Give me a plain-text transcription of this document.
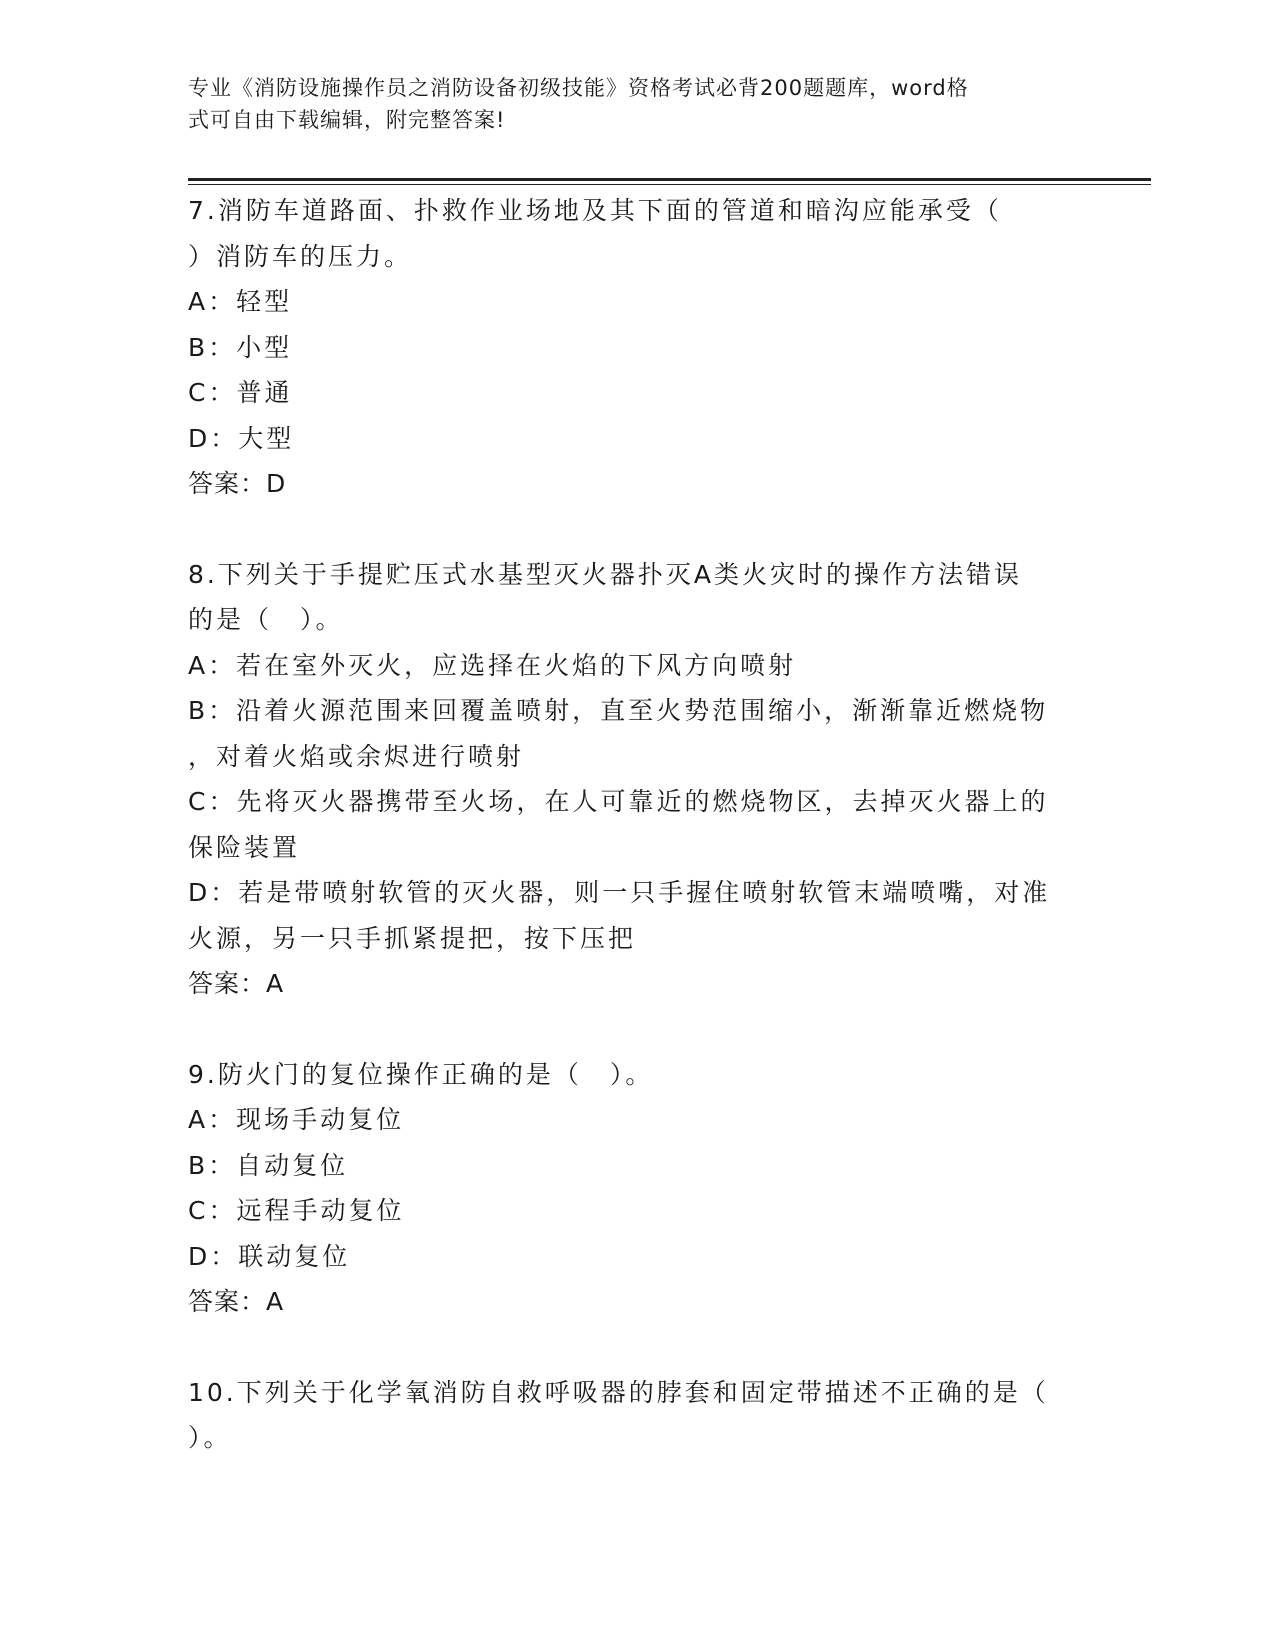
专业《消防设施操作员之消防设备初级技能》资格考试必背200题题库，word格
式可自由下载编辑，附完整答案!

7.消防车道路面、扑救作业场地及其下面的管道和暗沟应能承受（

）消防车的压力。

A：轻型

B：小型

C：普通

D：大型

答案：D

8.下列关于手提贮压式水基型灭火器扑灭A类火灾时的操作方法错误

的是（　）。

A：若在室外灭火，应选择在火焰的下风方向喷射

B：沿着火源范围来回覆盖喷射，直至火势范围缩小，渐渐靠近燃烧物

，对着火焰或余烬进行喷射

C：先将灭火器携带至火场，在人可靠近的燃烧物区，去掉灭火器上的

保险装置

D：若是带喷射软管的灭火器，则一只手握住喷射软管末端喷嘴，对准

火源，另一只手抓紧提把，按下压把

答案：A

9.防火门的复位操作正确的是（　）。

A：现场手动复位

B：自动复位

C：远程手动复位

D：联动复位

答案：A

10.下列关于化学氧消防自救呼吸器的脖套和固定带描述不正确的是（

）。
